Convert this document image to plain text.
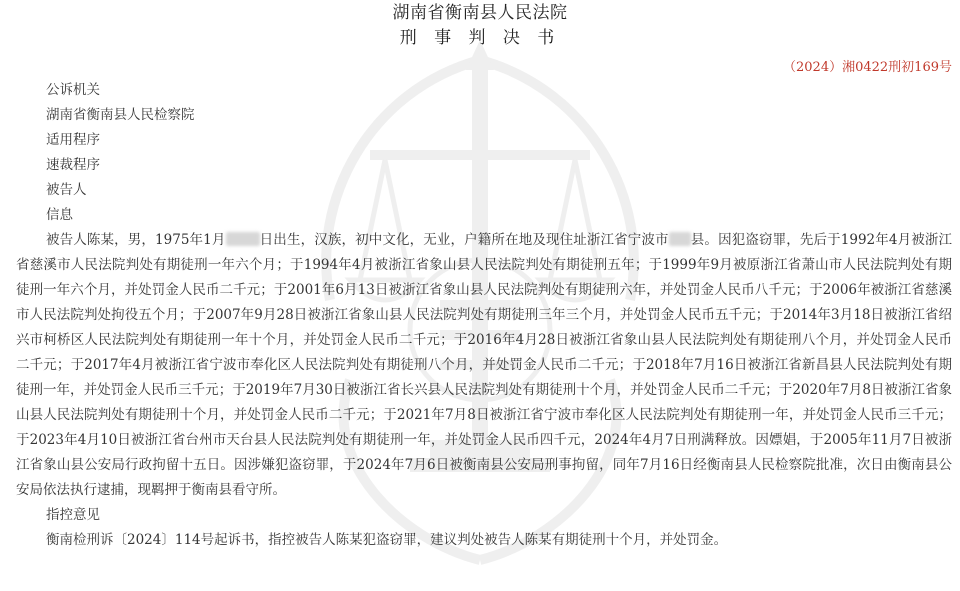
湖南省衡南县人民法院
刑 事 判 决 书
（2024）湘0422刑初169号
公诉机关
湖南省衡南县人民检察院
适用程序
速裁程序
被告人
信息

被告人陈某，男，1975年1月	日出生，汉族，初中文化，无业，户籍所在地及现住址浙江省宁波市 县。因犯盗窃罪，先后于1992年4月被浙江省慈溪市人民法院判处有期徒刑一年六个月；于1994年4月被浙江省象山县人民法院判处有期徒刑五年；于1999年9月被原浙江省萧山市人民法院判处有期徒刑一年六个月，并处罚金人民币二千元；于2001年6月13日被浙江省象山县人民法院判处有期徒刑六年，并处罚金人民币八千元；于2006年被浙江省慈溪市人民法院判处拘役五个月；于2007年9月28日被浙江省象山县人民法院判处有期徒刑三年三个月，并处罚金人民币五千元；于2014年3月18日被浙江省绍兴市柯桥区人民法院判处有期徒刑一年十个月，并处罚金人民币二千元；于2016年4月28日被浙江省象山县人民法院判处有期徒刑八个月，并处罚金人民币二千元；于2017年4月被浙江省宁波市奉化区人民法院判处有期徒刑八个月，并处罚金人民币二千元；于2018年7月16日被浙江省新昌县人民法院判处有期徒刑一年，并处罚金人民币三千元；于2019年7月30日被浙江省长兴县人民法院判处有期徒刑十个月，并处罚金人民币二千元；于2020年7月8日被浙江省象山县人民法院判处有期徒刑十个月，并处罚金人民币二千元；于2021年7月8日被浙江省宁波市奉化区人民法院判处有期徒刑一年，并处罚金人民币三千元；于2023年4月10日被浙江省台州市天台县人民法院判处有期徒刑一年，并处罚金人民币四千元，2024年4月7日刑满释放。因嫖娼，于2005年11月7日被浙江省象山县公安局行政拘留十五日。因涉嫌犯盗窃罪，于2024年7月6日被衡南县公安局刑事拘留，同年7月16日经衡南县人民检察院批准，次日由衡南县公安局依法执行逮捕，现羁押于衡南县看守所。

指控意见

衡南检刑诉〔2024〕114号起诉书，指控被告人陈某犯盗窃罪，建议判处被告人陈某有期徒刑十个月，并处罚金。
